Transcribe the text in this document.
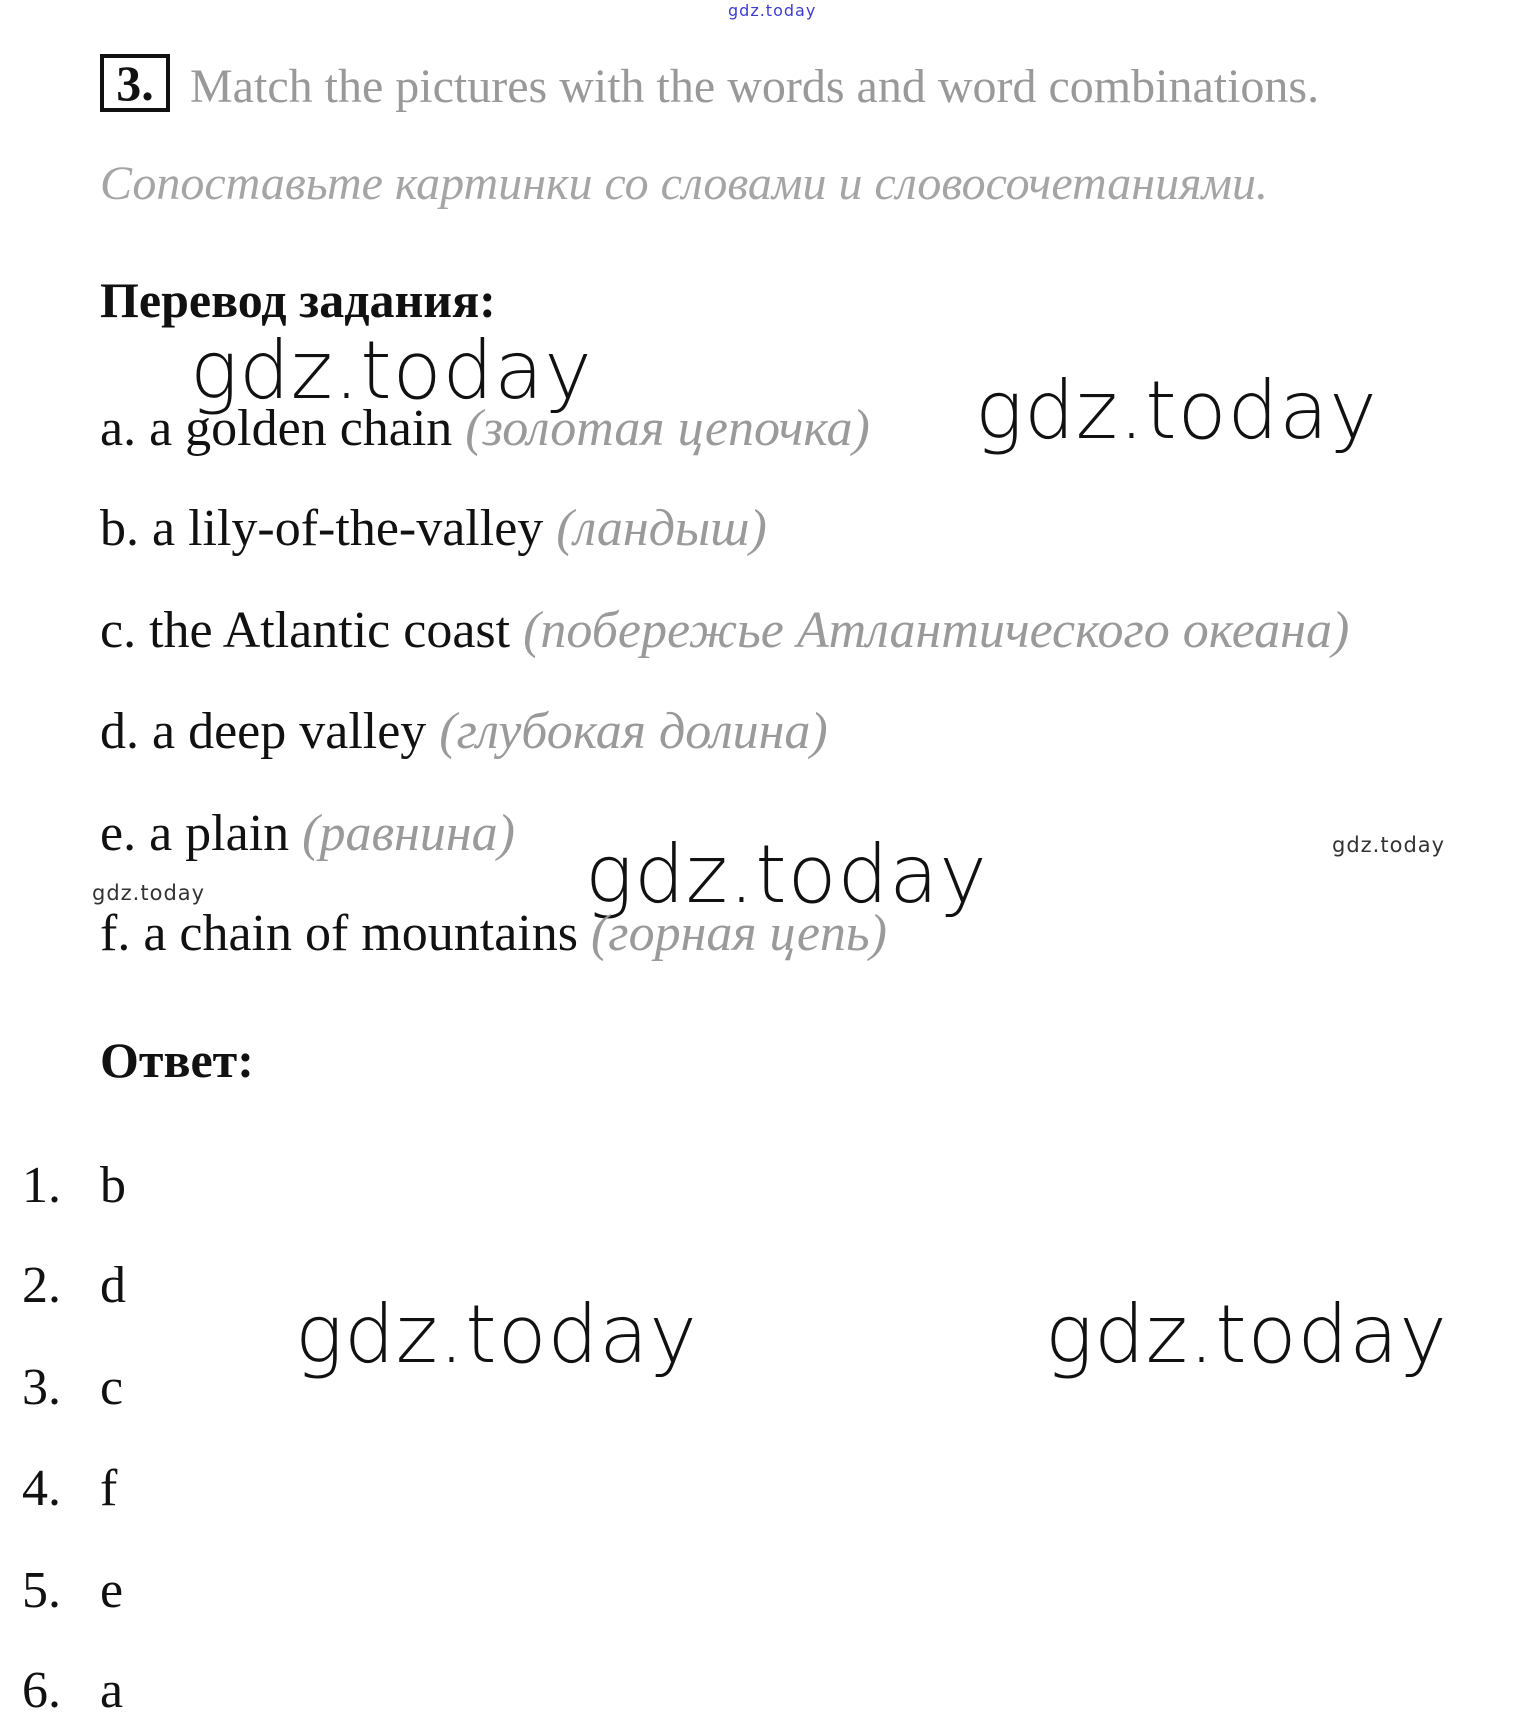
gdz.today
gdz.today	gdz.today
gdz.today
gdz.today	gdz.today
gdz.today	gdz.today
3. Match the pictures with the words and word combinations.
Сопоставьте картинки со словами и словосочетаниями.
Перевод задания:
a. a golden chain (золотая цепочка)
b. a lily-of-the-valley (ландыш)
c. the Atlantic coast (побережье Атлантического океана)
d. a deep valley (глубокая долина)
e. a plain (равнина)
f. a chain of mountains (горная цепь)
Ответ:
1. b
2. d
3. c
4. f
5. e
6. a
